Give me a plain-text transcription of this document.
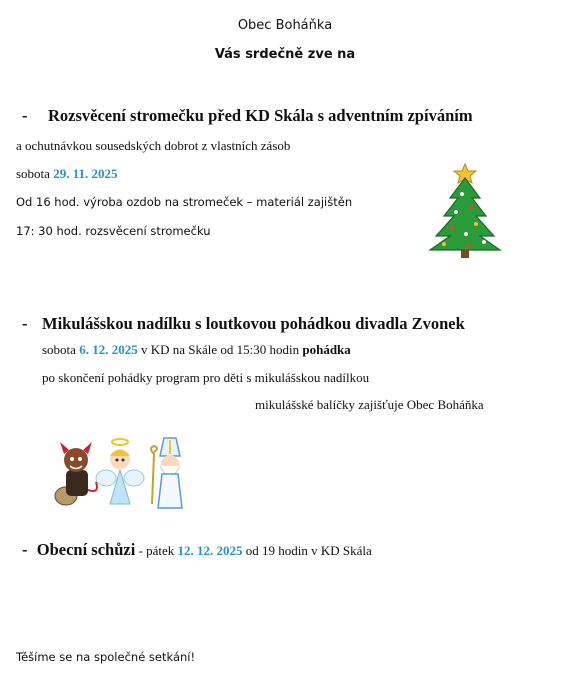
Obec Boháňka
Vás srdečně zve na
- Rozsvěcení stromečku před KD Skála s adventním zpíváním
a ochutnávkou sousedských dobrot z vlastních zásob
sobota 29. 11. 2025
Od 16 hod. výroba ozdob na stromeček – materiál zajištěn
17: 30 hod. rozsvěcení stromečku
- Mikulášskou nadílku s loutkovou pohádkou divadla Zvonek
sobota 6. 12. 2025 v KD na Skále od 15:30 hodin pohádka
po skončení pohádky program pro děti s mikulášskou nadílkou
mikulášské balíčky zajišťuje Obec Boháňka
- Obecní schůzi - pátek 12. 12. 2025 od 19 hodin v KD Skála
Těšíme se na společné setkání!
